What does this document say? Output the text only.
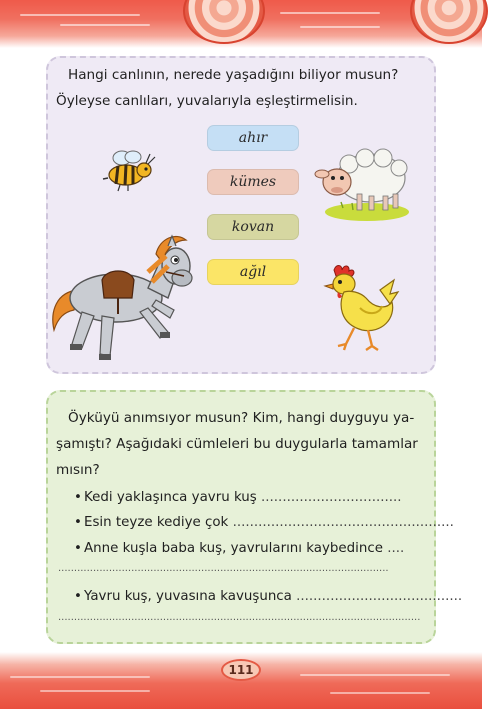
Hangi canlının, nerede yaşadığını biliyor musun?

Öyleyse canlıları, yuvalarıyla eşleştirmelisin.
ahır
kümes
kovan
ağıl

Öyküyü anımsıyor musun? Kim, hangi duyguyu ya-

şamıştı? Aşağıdaki cümleleri bu duygularla tamamlar
mısın?
• Kedi yaklaşınca yavru kuş .................................
• Esin teyze kediye çok ....................................................
• Anne kuşla baba kuş, yavrularını kaybedince ....
........................................................................................................
• Yavru kuş, yuvasına kavuşunca .......................................
..................................................................................................................
111
